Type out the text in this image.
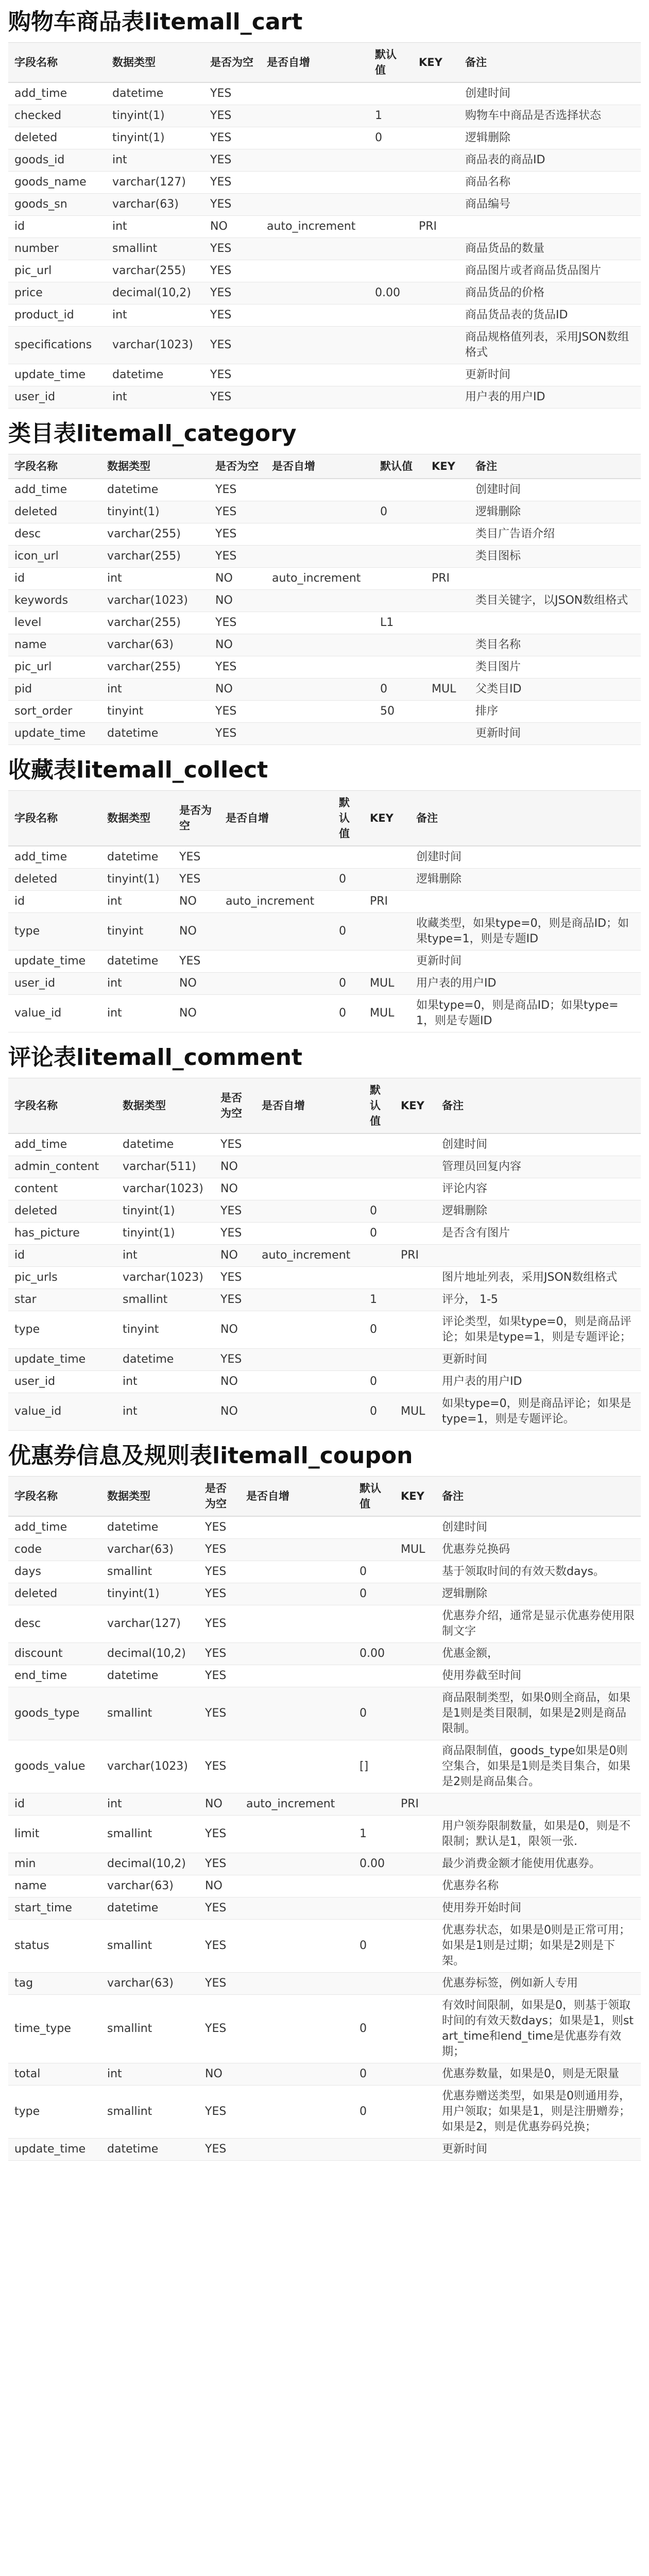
购物车商品表litemall_cart
字段名称	数据类型	是否为空	是否自增	默认值	KEY	备注
add_time	datetime	YES				创建时间
checked	tinyint(1)	YES		1		购物车中商品是否选择状态
deleted	tinyint(1)	YES		0		逻辑删除
goods_id	int	YES				商品表的商品ID
goods_name	varchar(127)	YES				商品名称
goods_sn	varchar(63)	YES				商品编号
id	int	NO	auto_increment		PRI	
number	smallint	YES				商品货品的数量
pic_url	varchar(255)	YES				商品图片或者商品货品图片
price	decimal(10,2)	YES		0.00		商品货品的价格
product_id	int	YES				商品货品表的货品ID
specifications	varchar(1023)	YES				商品规格值列表，采用JSON数组格式
update_time	datetime	YES				更新时间
user_id	int	YES				用户表的用户ID
类目表litemall_category
字段名称	数据类型	是否为空	是否自增	默认值	KEY	备注
add_time	datetime	YES				创建时间
deleted	tinyint(1)	YES		0		逻辑删除
desc	varchar(255)	YES				类目广告语介绍
icon_url	varchar(255)	YES				类目图标
id	int	NO	auto_increment		PRI	
keywords	varchar(1023)	NO				类目关键字，以JSON数组格式
level	varchar(255)	YES		L1		
name	varchar(63)	NO				类目名称
pic_url	varchar(255)	YES				类目图片
pid	int	NO		0	MUL	父类目ID
sort_order	tinyint	YES		50		排序
update_time	datetime	YES				更新时间
收藏表litemall_collect
字段名称	数据类型	是否为空	是否自增	默认值	KEY	备注
add_time	datetime	YES				创建时间
deleted	tinyint(1)	YES		0		逻辑删除
id	int	NO	auto_increment		PRI	
type	tinyint	NO		0		收藏类型，如果type=0，则是商品ID；如果type=1，则是专题ID
update_time	datetime	YES				更新时间
user_id	int	NO		0	MUL	用户表的用户ID
value_id	int	NO		0	MUL	如果type=0，则是商品ID；如果type=1，则是专题ID
评论表litemall_comment
字段名称	数据类型	是否为空	是否自增	默认值	KEY	备注
add_time	datetime	YES				创建时间
admin_content	varchar(511)	NO				管理员回复内容
content	varchar(1023)	NO				评论内容
deleted	tinyint(1)	YES		0		逻辑删除
has_picture	tinyint(1)	YES		0		是否含有图片
id	int	NO	auto_increment		PRI	
pic_urls	varchar(1023)	YES				图片地址列表，采用JSON数组格式
star	smallint	YES		1		评分， 1-5
type	tinyint	NO		0		评论类型，如果type=0，则是商品评论；如果是type=1，则是专题评论；
update_time	datetime	YES				更新时间
user_id	int	NO		0		用户表的用户ID
value_id	int	NO		0	MUL	如果type=0，则是商品评论；如果是type=1，则是专题评论。
优惠券信息及规则表litemall_coupon
字段名称	数据类型	是否为空	是否自增	默认值	KEY	备注
add_time	datetime	YES				创建时间
code	varchar(63)	YES			MUL	优惠券兑换码
days	smallint	YES		0		基于领取时间的有效天数days。
deleted	tinyint(1)	YES		0		逻辑删除
desc	varchar(127)	YES				优惠券介绍，通常是显示优惠券使用限制文字
discount	decimal(10,2)	YES		0.00		优惠金额，
end_time	datetime	YES				使用券截至时间
goods_type	smallint	YES		0		商品限制类型，如果0则全商品，如果是1则是类目限制，如果是2则是商品限制。
goods_value	varchar(1023)	YES		[]		商品限制值，goods_type如果是0则空集合，如果是1则是类目集合，如果是2则是商品集合。
id	int	NO	auto_increment		PRI	
limit	smallint	YES		1		用户领券限制数量，如果是0，则是不限制；默认是1，限领一张.
min	decimal(10,2)	YES		0.00		最少消费金额才能使用优惠券。
name	varchar(63)	NO				优惠券名称
start_time	datetime	YES				使用券开始时间
status	smallint	YES		0		优惠券状态，如果是0则是正常可用；如果是1则是过期；如果是2则是下架。
tag	varchar(63)	YES				优惠券标签，例如新人专用
time_type	smallint	YES		0		有效时间限制，如果是0，则基于领取时间的有效天数days；如果是1，则start_time和end_time是优惠券有效期；
total	int	NO		0		优惠券数量，如果是0，则是无限量
type	smallint	YES		0		优惠券赠送类型，如果是0则通用券，用户领取；如果是1，则是注册赠券；如果是2，则是优惠券码兑换；
update_time	datetime	YES				更新时间
